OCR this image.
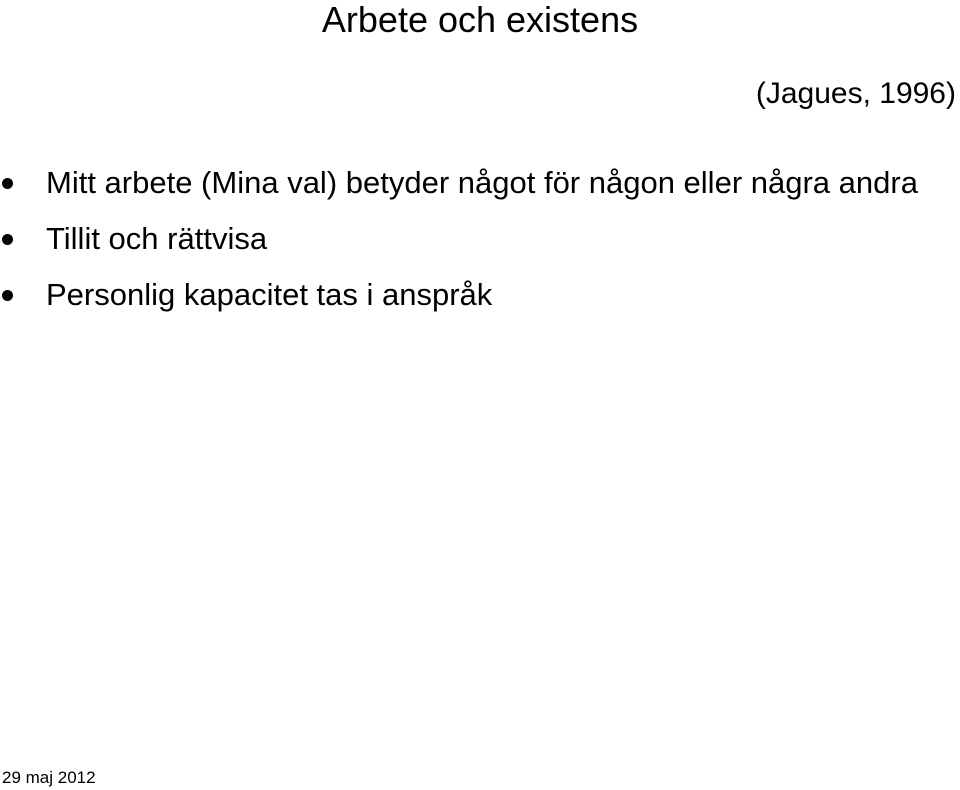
Arbete och existens
(Jagues, 1996)
Mitt arbete (Mina val) betyder något för någon eller några andra
Tillit och rättvisa
Personlig kapacitet tas i anspråk
29 maj 2012
